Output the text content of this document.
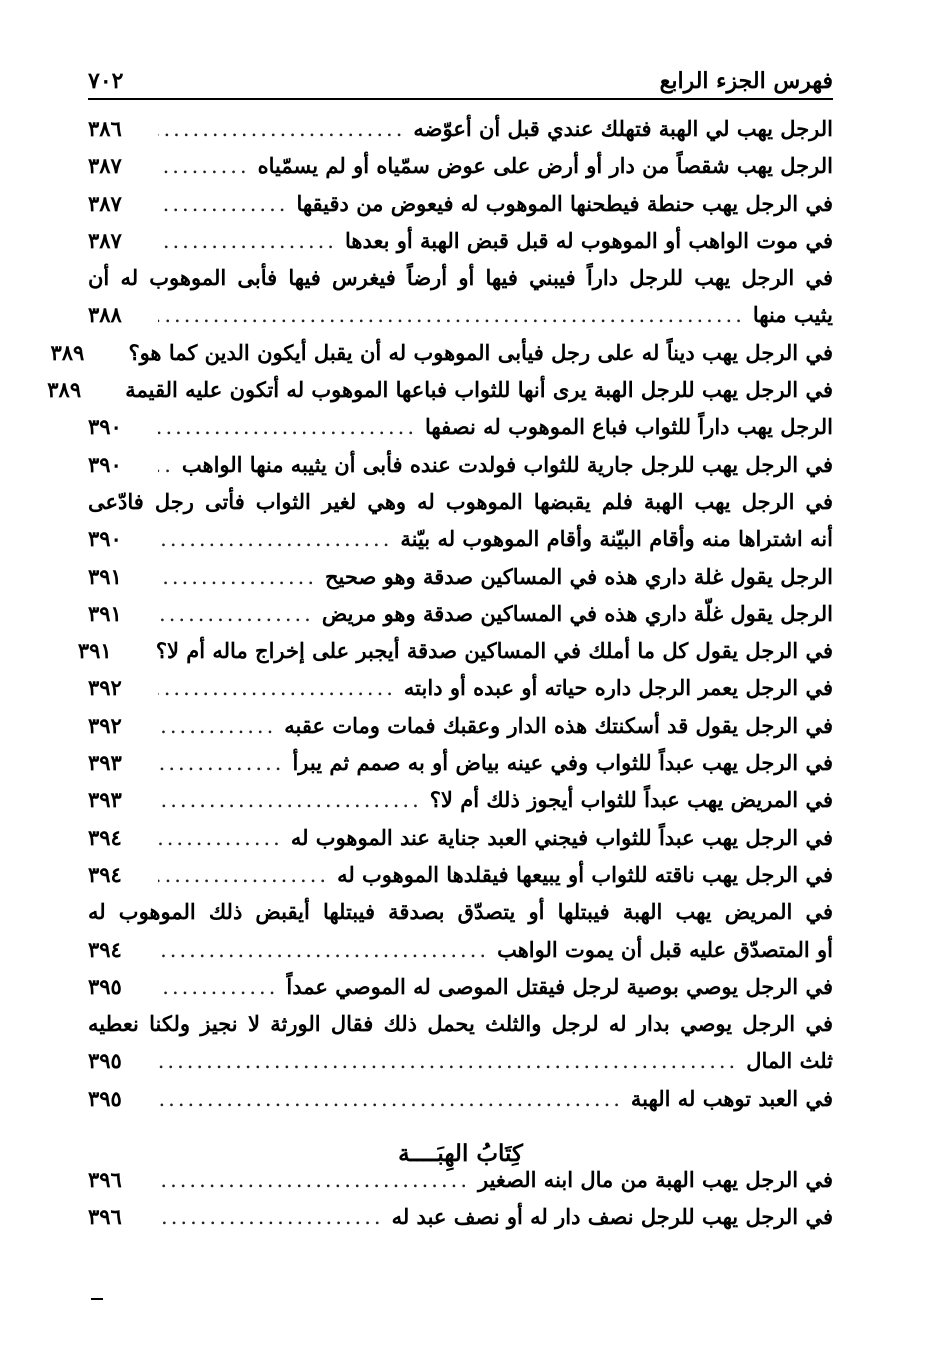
فهرس الجزء الرابع
٧٠٢
الرجل يهب لي الهبة فتهلك عندي قبل أن أعوّضه
.....
٣٨٦
الرجل يهب شقصاً من دار أو أرض على عوض سمّياه أو لم يسمّياه
.....
٣٨٧
في الرجل يهب حنطة فيطحنها الموهوب له فيعوض من دقيقها
.....
٣٨٧
في موت الواهب أو الموهوب له قبل قبض الهبة أو بعدها
.....
٣٨٧
في الرجل يهب للرجل داراً فيبني فيها أو أرضاً فيغرس فيها فأبى الموهوب له أن
يثيب منها
.....
٣٨٨
في الرجل يهب ديناً له على رجل فيأبى الموهوب له أن يقبل أيكون الدين كما هو؟
٣٨٩
في الرجل يهب للرجل الهبة يرى أنها للثواب فباعها الموهوب له أتكون عليه القيمة
٣٨٩
الرجل يهب داراً للثواب فباع الموهوب له نصفها
.....
٣٩٠
في الرجل يهب للرجل جارية للثواب فولدت عنده فأبى أن يثيبه منها الواهب
.....
٣٩٠
في الرجل يهب الهبة فلم يقبضها الموهوب له وهي لغير الثواب فأتى رجل فادّعى
أنه اشتراها منه وأقام البيّنة وأقام الموهوب له بيّنة
.....
٣٩٠
الرجل يقول غلة داري هذه في المساكين صدقة وهو صحيح
.....
٣٩١
الرجل يقول غلّة داري هذه في المساكين صدقة وهو مريض
.....
٣٩١
في الرجل يقول كل ما أملك في المساكين صدقة أيجبر على إخراج ماله أم لا؟
٣٩١
في الرجل يعمر الرجل داره حياته أو عبده أو دابته
.....
٣٩٢
في الرجل يقول قد أسكنتك هذه الدار وعقبك فمات ومات عقبه
.....
٣٩٢
في الرجل يهب عبداً للثواب وفي عينه بياض أو به صمم ثم يبرأ
.....
٣٩٣
في المريض يهب عبداً للثواب أيجوز ذلك أم لا؟
.....
٣٩٣
في الرجل يهب عبداً للثواب فيجني العبد جناية عند الموهوب له
.....
٣٩٤
في الرجل يهب ناقته للثواب أو يبيعها فيقلدها الموهوب له
.....
٣٩٤
في المريض يهب الهبة فيبتلها أو يتصدّق بصدقة فيبتلها أيقبض ذلك الموهوب له
أو المتصدّق عليه قبل أن يموت الواهب
.....
٣٩٤
في الرجل يوصي بوصية لرجل فيقتل الموصى له الموصي عمداً
.....
٣٩٥
في الرجل يوصي بدار له لرجل والثلث يحمل ذلك فقال الورثة لا نجيز ولكنا نعطيه
ثلث المال
.....
٣٩٥
في العبد توهب له الهبة
.....
٣٩٥
كِتَابُ الهِبَــــة
في الرجل يهب الهبة من مال ابنه الصغير
.....
٣٩٦
في الرجل يهب للرجل نصف دار له أو نصف عبد له
.....
٣٩٦
